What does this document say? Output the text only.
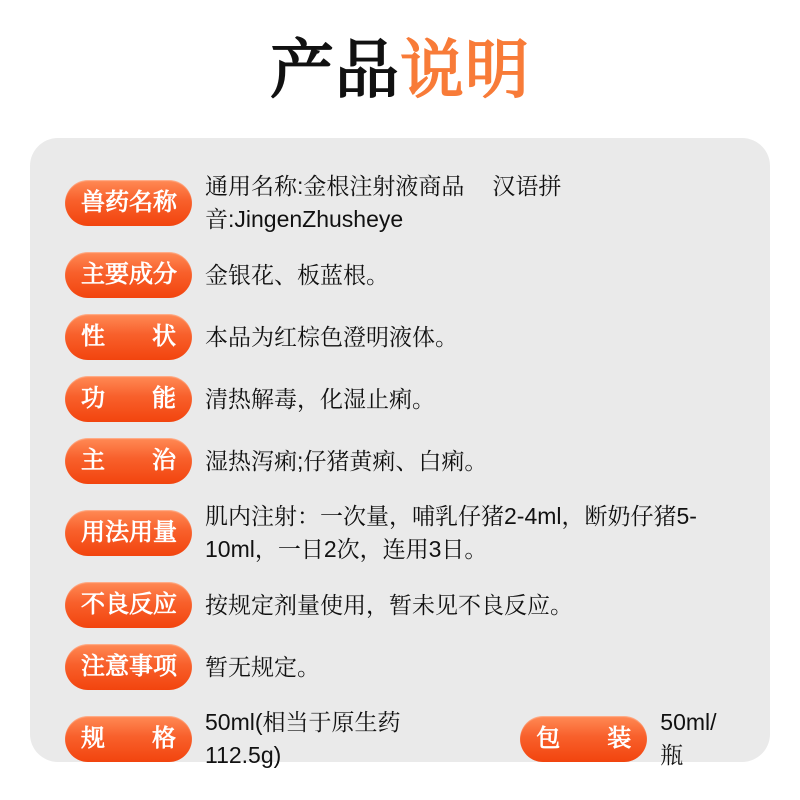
产品说明
兽药名称
通用名称:金根注射液商品 汉语拼音:JingenZhusheye
主要成分 金银花、板蓝根。
性状 本品为红棕色澄明液体。
功能 清热解毒，化湿止痢。
主治 湿热泻痢;仔猪黄痢、白痢。
用法用量
肌内注射：一次量，哺乳仔猪2-4ml，断奶仔猪5-10ml，一日2次，连用3日。
不良反应 按规定剂量使用，暂未见不良反应。
注意事项 暂无规定。
规格
50ml(相当于原生药112.5g)
包装
50ml/瓶
